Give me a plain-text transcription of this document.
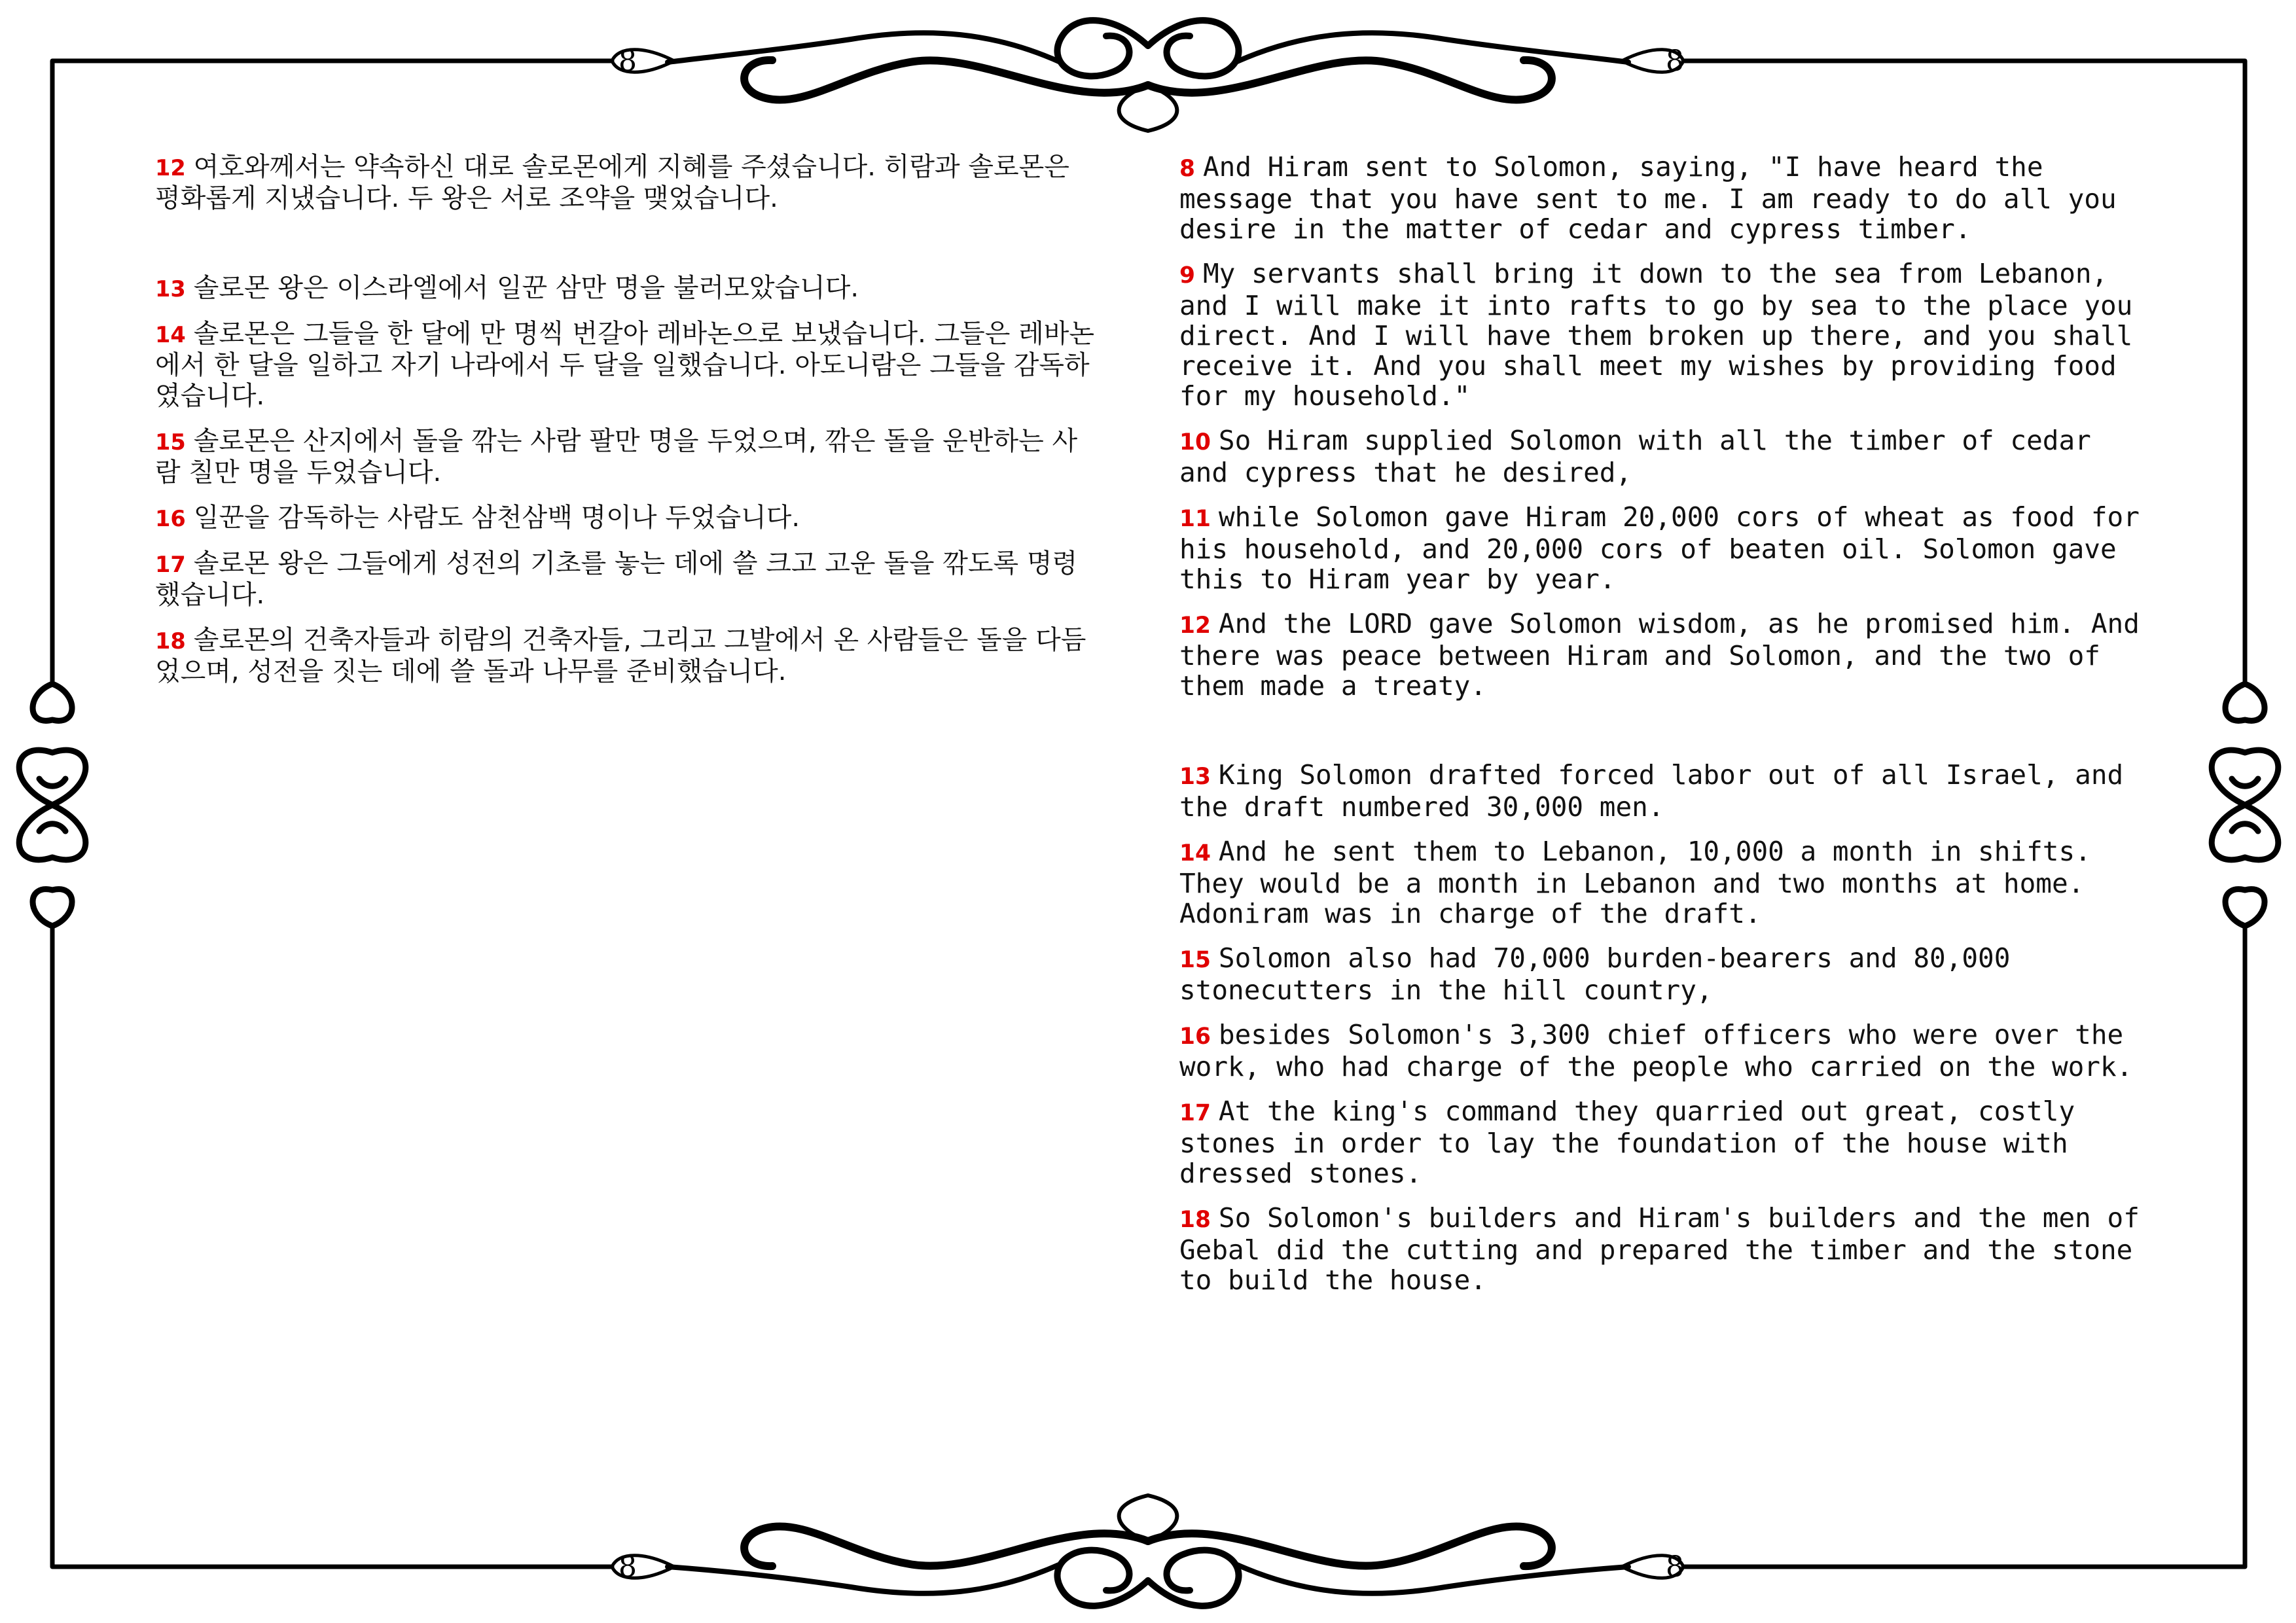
8	8
8	8

12 여호와께서는 약속하신 대로 솔로몬에게 지혜를 주셨습니다. 히람과 솔로몬은 평화롭게 지냈습니다. 두 왕은 서로 조약을 맺었습니다.

13 솔로몬 왕은 이스라엘에서 일꾼 삼만 명을 불러모았습니다.

14 솔로몬은 그들을 한 달에 만 명씩 번갈아 레바논으로 보냈습니다. 그들은 레바논에서 한 달을 일하고 자기 나라에서 두 달을 일했습니다. 아도니람은 그들을 감독하였습니다.

15 솔로몬은 산지에서 돌을 깎는 사람 팔만 명을 두었으며, 깎은 돌을 운반하는 사람 칠만 명을 두었습니다.

16 일꾼을 감독하는 사람도 삼천삼백 명이나 두었습니다.

17 솔로몬 왕은 그들에게 성전의 기초를 놓는 데에 쓸 크고 고운 돌을 깎도록 명령했습니다.

18 솔로몬의 건축자들과 히람의 건축자들, 그리고 그발에서 온 사람들은 돌을 다듬었으며, 성전을 짓는 데에 쓸 돌과 나무를 준비했습니다.

8 And Hiram sent to Solomon, saying, "I have heard the message that you have sent to me. I am ready to do all you desire in the matter of cedar and cypress timber.

9 My servants shall bring it down to the sea from Lebanon, and I will make it into rafts to go by sea to the place you direct. And I will have them broken up there, and you shall receive it. And you shall meet my wishes by providing food for my household."

10 So Hiram supplied Solomon with all the timber of cedar and cypress that he desired,

11 while Solomon gave Hiram 20,000 cors of wheat as food for his household, and 20,000 cors of beaten oil. Solomon gave this to Hiram year by year.

12 And the LORD gave Solomon wisdom, as he promised him. And there was peace between Hiram and Solomon, and the two of them made a treaty.

13 King Solomon drafted forced labor out of all Israel, and the draft numbered 30,000 men.

14 And he sent them to Lebanon, 10,000 a month in shifts. They would be a month in Lebanon and two months at home. Adoniram was in charge of the draft.

15 Solomon also had 70,000 burden-bearers and 80,000 stonecutters in the hill country,

16 besides Solomon's 3,300 chief officers who were over the work, who had charge of the people who carried on the work.

17 At the king's command they quarried out great, costly stones in order to lay the foundation of the house with dressed stones.

18 So Solomon's builders and Hiram's builders and the men of Gebal did the cutting and prepared the timber and the stone to build the house.
